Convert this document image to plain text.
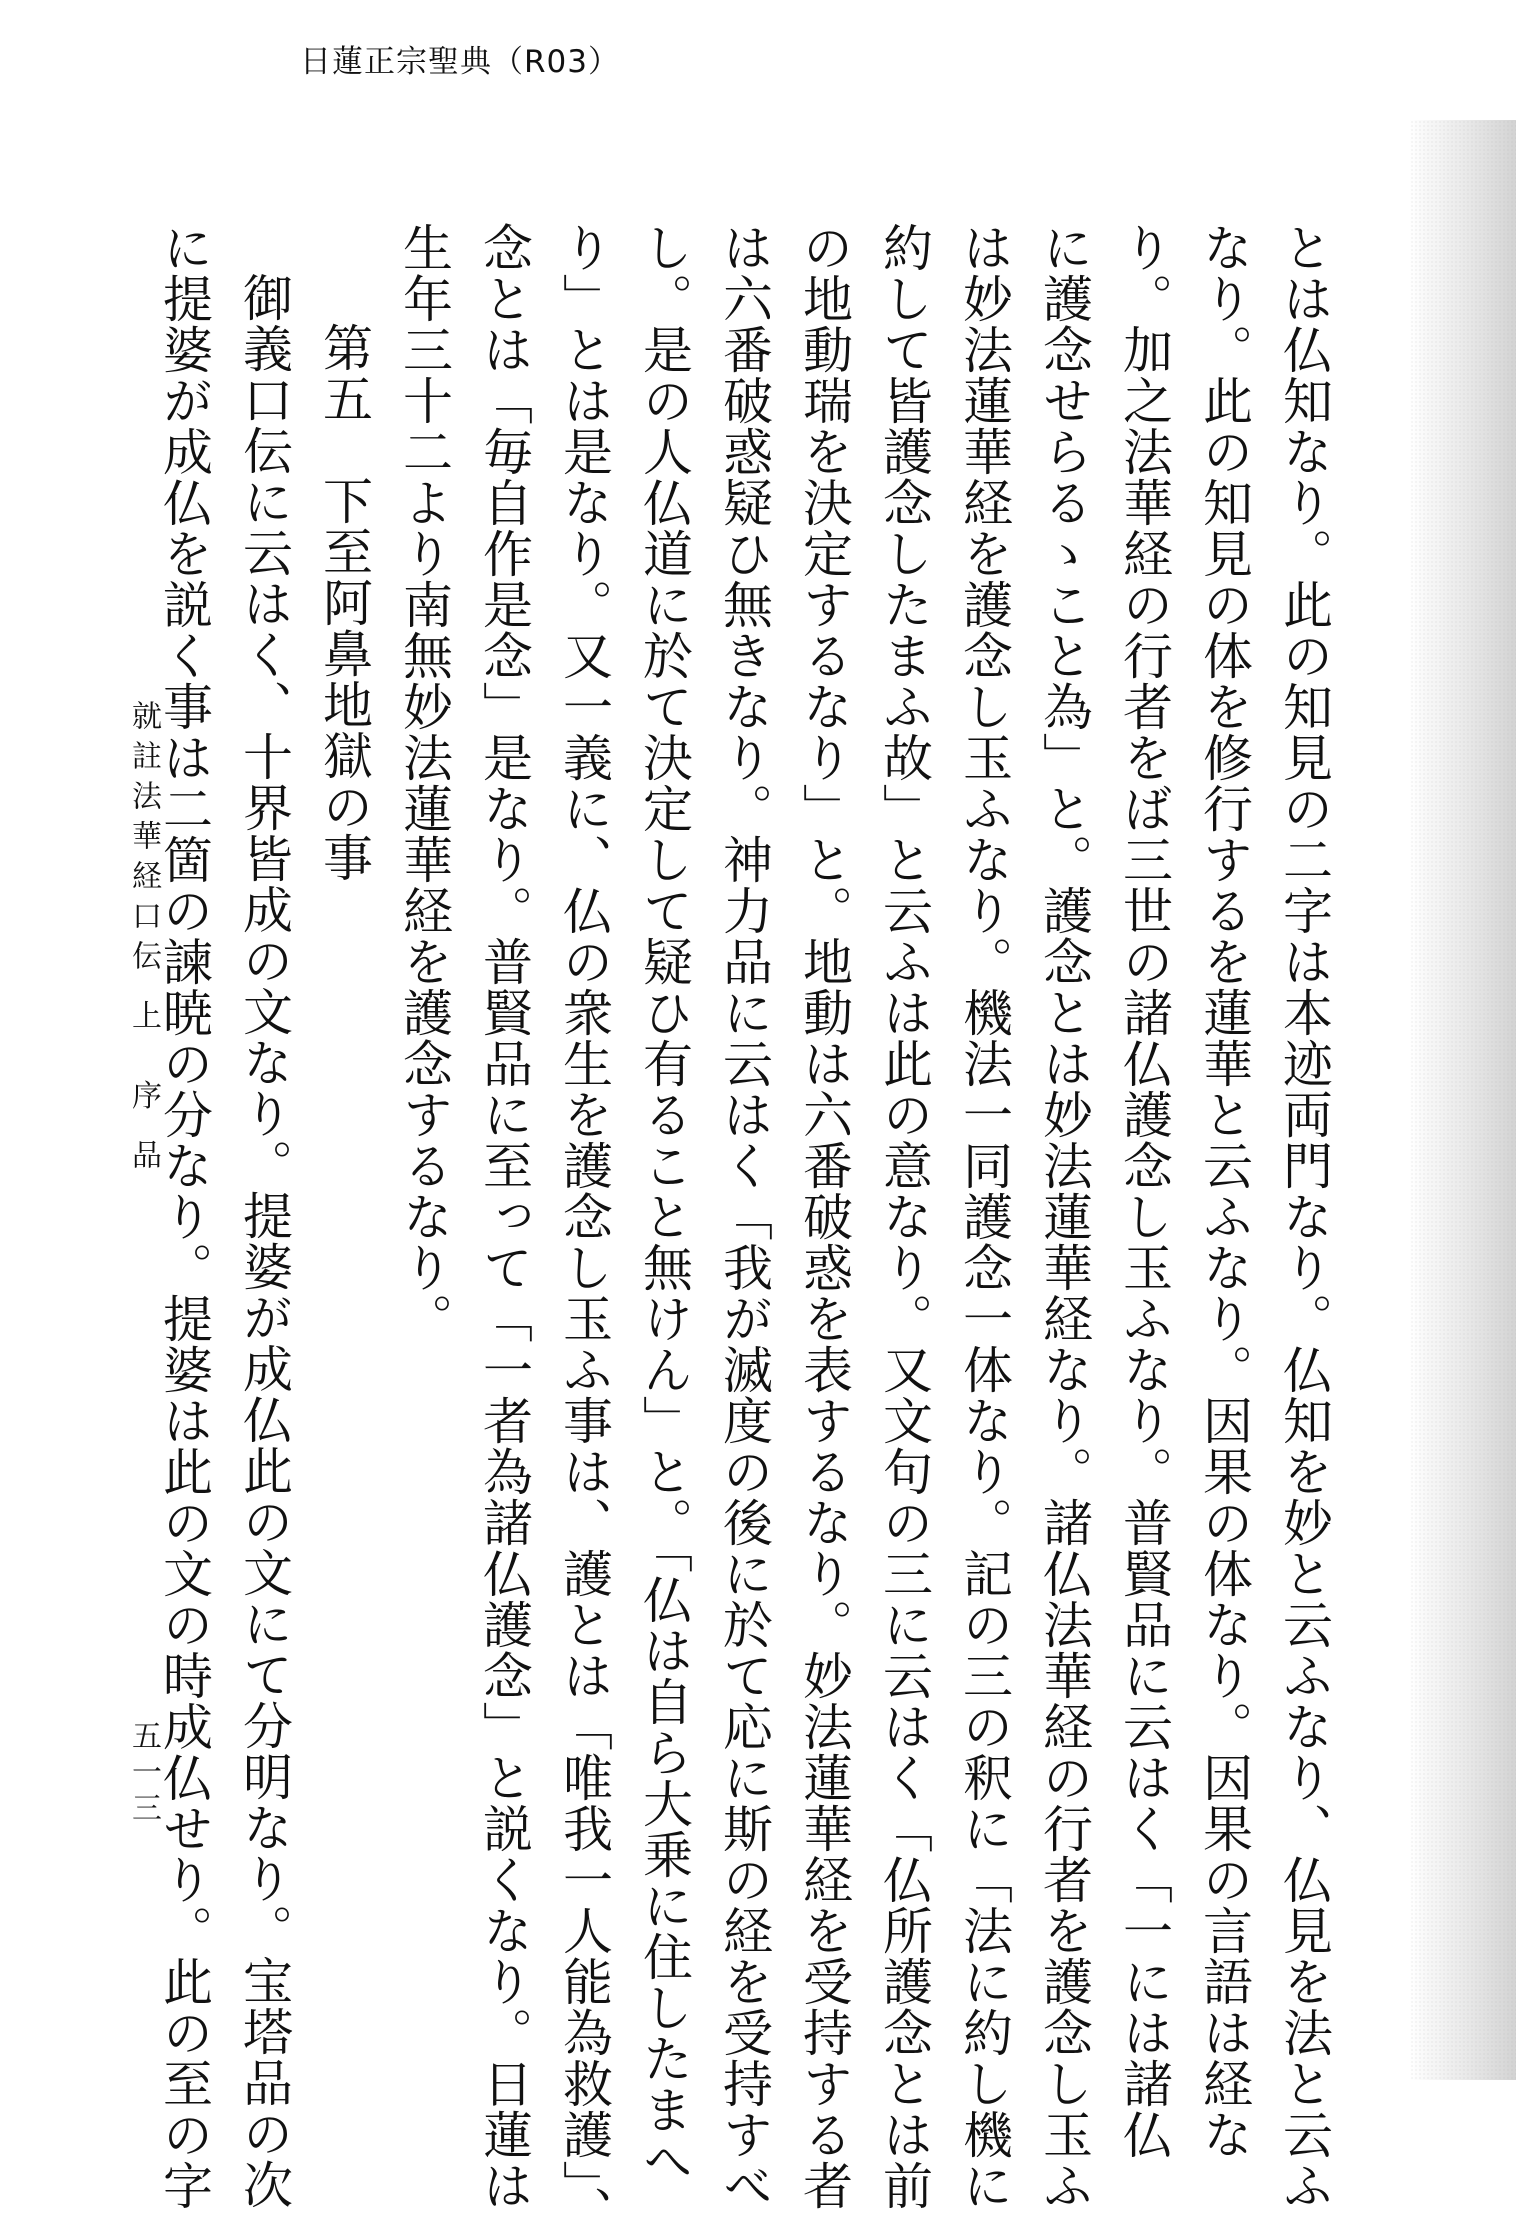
日蓮正宗聖典（R03）
とは仏知なり。此の知見の二字は本迹両門なり。仏知を妙と云ふなり、仏見を法と云ふ
なり。此の知見の体を修行するを蓮華と云ふなり。因果の体なり。因果の言語は経な
り。加之法華経の行者をば三世の諸仏護念し玉ふなり。普賢品に云はく「一には諸仏
に護念せらるゝこと為」と。護念とは妙法蓮華経なり。諸仏法華経の行者を護念し玉ふ
は妙法蓮華経を護念し玉ふなり。機法一同護念一体なり。記の三の釈に「法に約し機に
約して皆護念したまふ故」と云ふは此の意なり。又文句の三に云はく「仏所護念とは前
の地動瑞を決定するなり」と。地動は六番破惑を表するなり。妙法蓮華経を受持する者
は六番破惑疑ひ無きなり。神力品に云はく「我が滅度の後に於て応に斯の経を受持すべ
し。是の人仏道に於て決定して疑ひ有ること無けん」と。「仏は自ら大乗に住したまへ
り」とは是なり。又一義に、仏の衆生を護念し玉ふ事は、護とは「唯我一人能為救護」、
念とは「毎自作是念」是なり。普賢品に至って「一者為諸仏護念」と説くなり。日蓮は
生年三十二より南無妙法蓮華経を護念するなり。
第五　下至阿鼻地獄の事
御義口伝に云はく、十界皆成の文なり。提婆が成仏此の文にて分明なり。宝塔品の次
に提婆が成仏を説く事は二箇の諫暁の分なり。提婆は此の文の時成仏せり。此の至の字
就註法華経口伝 上　序 品
五一三
